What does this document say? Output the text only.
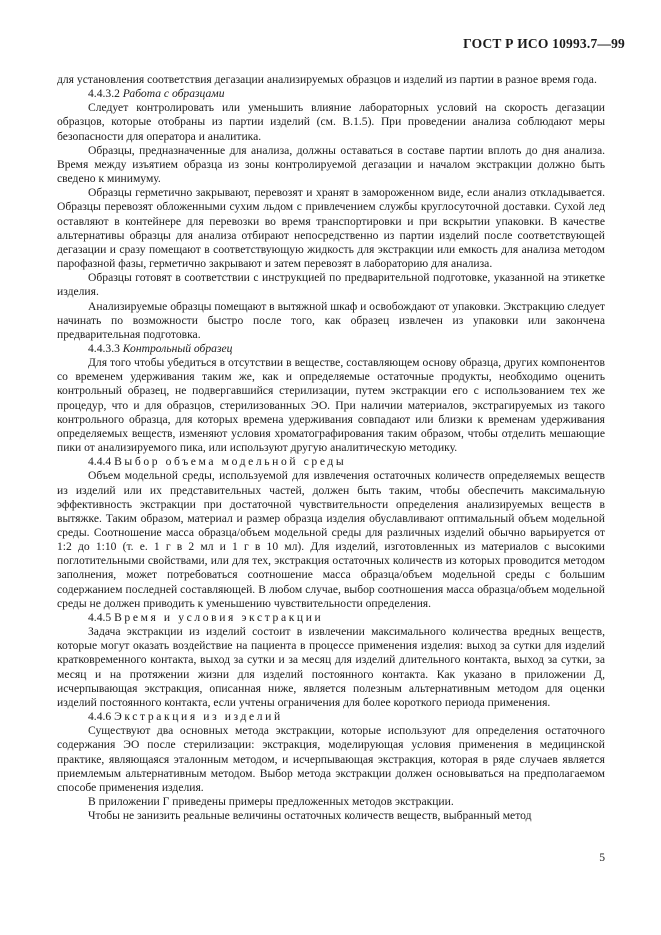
ГОСТ Р ИСО 10993.7—99

для установления соответствия дегазации анализируемых образцов и изделий из партии в разное время года.

4.4.3.2 Работа с образцами

Следует контролировать или уменьшить влияние лабораторных условий на скорость дегазации образцов, которые отобраны из партии изделий (см. В.1.5). При проведении анализа соблюдают меры безопасности для оператора и аналитика.

Образцы, предназначенные для анализа, должны оставаться в составе партии вплоть до дня анализа. Время между изъятием образца из зоны контролируемой дегазации и началом экстракции должно быть сведено к минимуму.

Образцы герметично закрывают, перевозят и хранят в замороженном виде, если анализ откладывается. Образцы перевозят обложенными сухим льдом с привлечением службы круглосуточной доставки. Сухой лед оставляют в контейнере для перевозки во время транспортировки и при вскрытии упаковки. В качестве альтернативы образцы для анализа отбирают непосредственно из партии изделий после соответствующей дегазации и сразу помещают в соответствующую жидкость для экстракции или емкость для анализа методом парофазной фазы, герметично закрывают и затем перевозят в лабораторию для анализа.

Образцы готовят в соответствии с инструкцией по предварительной подготовке, указанной на этикетке изделия.

Анализируемые образцы помещают в вытяжной шкаф и освобождают от упаковки. Экстракцию следует начинать по возможности быстро после того, как образец извлечен из упаковки или закончена предварительная подготовка.

4.4.3.3 Контрольный образец

Для того чтобы убедиться в отсутствии в веществе, составляющем основу образца, других компонентов со временем удерживания таким же, как и определяемые остаточные продукты, необходимо оценить контрольный образец, не подвергавшийся стерилизации, путем экстракции его с использованием тех же процедур, что и для образцов, стерилизованных ЭО. При наличии материалов, экстрагируемых из такого контрольного образца, для которых времена удерживания совпадают или близки к временам удерживания определяемых веществ, изменяют условия хроматографирования таким образом, чтобы отделить мешающие пики от анализируемого пика, или используют другую аналитическую методику.

4.4.4 Выбор объема модельной среды

Объем модельной среды, используемой для извлечения остаточных количеств определяемых веществ из изделий или их представительных частей, должен быть таким, чтобы обеспечить максимальную эффективность экстракции при достаточной чувствительности определения анализируемых веществ в вытяжке. Таким образом, материал и размер образца изделия обуславливают оптимальный объем модельной среды. Соотношение масса образца/объем модельной среды для различных изделий обычно варьируется от 1:2 до 1:10 (т. е. 1 г в 2 мл и 1 г в 10 мл). Для изделий, изготовленных из материалов с высокими поглотительными свойствами, или для тех, экстракция остаточных количеств из которых проводится методом заполнения, может потребоваться соотношение масса образца/объем модельной среды с большим содержанием последней составляющей. В любом случае, выбор соотношения масса образца/объем модельной среды не должен приводить к уменьшению чувствительности определения.

4.4.5 Время и условия экстракции

Задача экстракции из изделий состоит в извлечении максимального количества вредных веществ, которые могут оказать воздействие на пациента в процессе применения изделия: выход за сутки для изделий кратковременного контакта, выход за сутки и за месяц для изделий длительного контакта, выход за сутки, за месяц и на протяжении жизни для изделий постоянного контакта. Как указано в приложении Д, исчерпывающая экстракция, описанная ниже, является полезным альтернативным методом для оценки изделий постоянного контакта, если учтены ограничения для более короткого периода применения.

4.4.6 Экстракция из изделий

Существуют два основных метода экстракции, которые используют для определения остаточного содержания ЭО после стерилизации: экстракция, моделирующая условия применения в медицинской практике, являющаяся эталонным методом, и исчерпывающая экстракция, которая в ряде случаев является приемлемым альтернативным методом. Выбор метода экстракции должен основываться на предполагаемом способе применения изделия.

В приложении Г приведены примеры предложенных методов экстракции.

Чтобы не занизить реальные величины остаточных количеств веществ, выбранный метод

5
